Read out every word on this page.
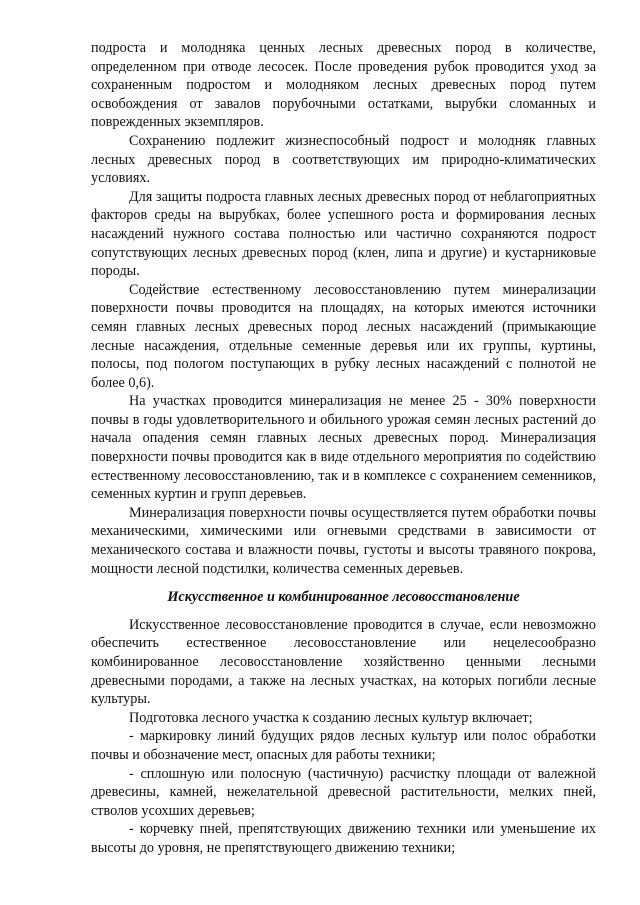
подроста и молодняка ценных лесных древесных пород в количестве, определенном при отводе лесосек. После проведения рубок проводится уход за сохраненным подростом и молодняком лесных древесных пород путем освобождения от завалов порубочными остатками, вырубки сломанных и поврежденных экземпляров.

Сохранению подлежит жизнеспособный подрост и молодняк главных лесных древесных пород в соответствующих им природно-климатических условиях.

Для защиты подроста главных лесных древесных пород от неблагоприятных факторов среды на вырубках, более успешного роста и формирования лесных насаждений нужного состава полностью или частично сохраняются подрост сопутствующих лесных древесных пород (клен, липа и другие) и кустарниковые породы.

Содействие естественному лесовосстановлению путем минерализации поверхности почвы проводится на площадях, на которых имеются источники семян главных лесных древесных пород лесных насаждений (примыкающие лесные насаждения, отдельные семенные деревья или их группы, куртины, полосы, под пологом поступающих в рубку лесных насаждений с полнотой не более 0,6).

На участках проводится минерализация не менее 25 - 30% поверхности почвы в годы удовлетворительного и обильного урожая семян лесных растений до начала опадения семян главных лесных древесных пород. Минерализация поверхности почвы проводится как в виде отдельного мероприятия по содействию естественному лесовосстановлению, так и в комплексе с сохранением семенников, семенных куртин и групп деревьев.

Минерализация поверхности почвы осуществляется путем обработки почвы механическими, химическими или огневыми средствами в зависимости от механического состава и влажности почвы, густоты и высоты травяного покрова, мощности лесной подстилки, количества семенных деревьев.

Искусственное и комбинированное лесовосстановление

Искусственное лесовосстановление проводится в случае, если невозможно обеспечить естественное лесовосстановление или нецелесообразно комбинированное лесовосстановление хозяйственно ценными лесными древесными породами, а также на лесных участках, на которых погибли лесные культуры.

Подготовка лесного участка к созданию лесных культур включает;

- маркировку линий будущих рядов лесных культур или полос обработки почвы и обозначение мест, опасных для работы техники;

- сплошную или полосную (частичную) расчистку площади от валежной древесины, камней, нежелательной древесной растительности, мелких пней, стволов усохших деревьев;

- корчевку пней, препятствующих движению техники или уменьшение их высоты до уровня, не препятствующего движению техники;
